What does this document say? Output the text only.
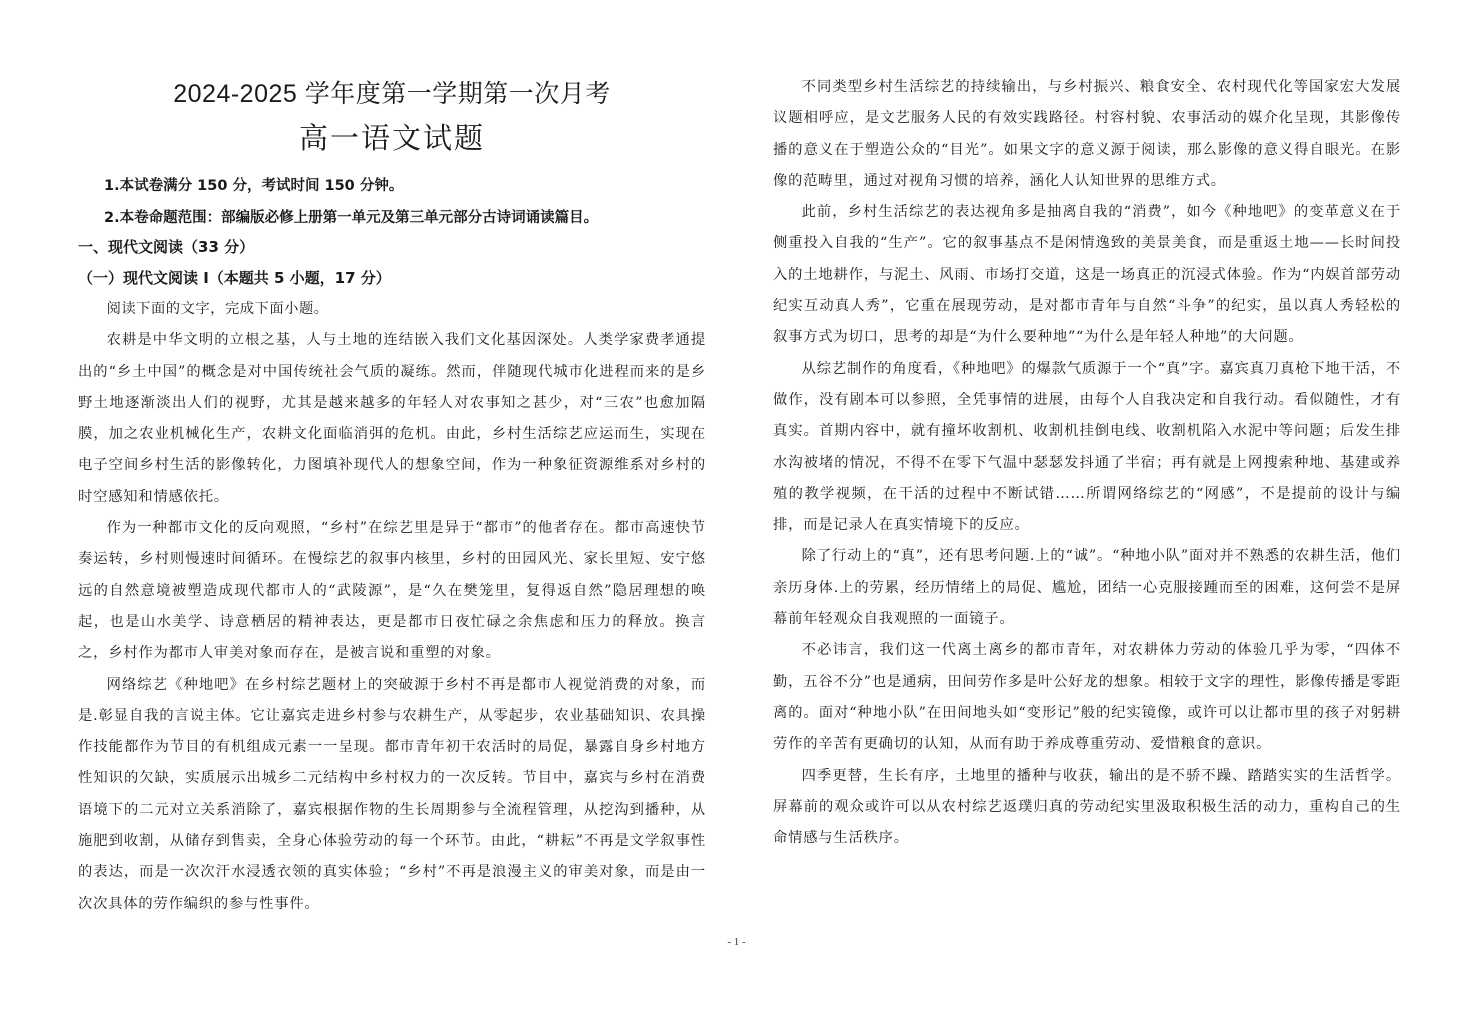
2024-2025 学年度第一学期第一次月考
高一语文试题
1.本试卷满分 150 分，考试时间 150 分钟。
2.本卷命题范围：部编版必修上册第一单元及第三单元部分古诗词诵读篇目。
一、现代文阅读（33 分）
（一）现代文阅读 I（本题共 5 小题，17 分）

阅读下面的文字，完成下面小题。

农耕是中华文明的立根之基，人与土地的连结嵌入我们文化基因深处。人类学家费孝通提出的“乡土中国”的概念是对中国传统社会气质的凝练。然而，伴随现代城市化进程而来的是乡野土地逐渐淡出人们的视野，尤其是越来越多的年轻人对农事知之甚少，对“三农”也愈加隔膜，加之农业机械化生产，农耕文化面临消弭的危机。由此，乡村生活综艺应运而生，实现在电子空间乡村生活的影像转化，力图填补现代人的想象空间，作为一种象征资源维系对乡村的时空感知和情感依托。

作为一种都市文化的反向观照，“乡村”在综艺里是异于“都市”的他者存在。都市高速快节奏运转，乡村则慢速时间循环。在慢综艺的叙事内核里，乡村的田园风光、家长里短、安宁悠远的自然意境被塑造成现代都市人的“武陵源”，是“久在樊笼里，复得返自然”隐居理想的唤起，也是山水美学、诗意栖居的精神表达，更是都市日夜忙碌之余焦虑和压力的释放。换言之，乡村作为都市人审美对象而存在，是被言说和重塑的对象。

网络综艺《种地吧》在乡村综艺题材上的突破源于乡村不再是都市人视觉消费的对象，而是.彰显自我的言说主体。它让嘉宾走进乡村参与农耕生产，从零起步，农业基础知识、农具操作技能都作为节目的有机组成元素一一呈现。都市青年初干农活时的局促，暴露自身乡村地方性知识的欠缺，实质展示出城乡二元结构中乡村权力的一次反转。节目中，嘉宾与乡村在消费语境下的二元对立关系消除了，嘉宾根据作物的生长周期参与全流程管理，从挖沟到播种，从施肥到收割，从储存到售卖，全身心体验劳动的每一个环节。由此，“耕耘”不再是文学叙事性的表达，而是一次次汗水浸透衣领的真实体验；“乡村”不再是浪漫主义的审美对象，而是由一次次具体的劳作编织的参与性事件。

不同类型乡村生活综艺的持续输出，与乡村振兴、粮食安全、农村现代化等国家宏大发展议题相呼应，是文艺服务人民的有效实践路径。村容村貌、农事活动的媒介化呈现，其影像传播的意义在于塑造公众的“目光”。如果文字的意义源于阅读，那么影像的意义得自眼光。在影像的范畴里，通过对视角习惯的培养，涵化人认知世界的思维方式。

此前，乡村生活综艺的表达视角多是抽离自我的“消费”，如今《种地吧》的变革意义在于侧重投入自我的“生产”。它的叙事基点不是闲情逸致的美景美食，而是重返土地——长时间投入的土地耕作，与泥土、风雨、市场打交道，这是一场真正的沉浸式体验。作为“内娱首部劳动纪实互动真人秀”，它重在展现劳动，是对都市青年与自然“斗争”的纪实，虽以真人秀轻松的叙事方式为切口，思考的却是“为什么要种地”“为什么是年轻人种地”的大问题。

从综艺制作的角度看，《种地吧》的爆款气质源于一个“真”字。嘉宾真刀真枪下地干活，不做作，没有剧本可以参照，全凭事情的进展，由每个人自我决定和自我行动。看似随性，才有真实。首期内容中，就有撞坏收割机、收割机挂倒电线、收割机陷入水泥中等问题；后发生排水沟被堵的情况，不得不在零下气温中瑟瑟发抖通了半宿；再有就是上网搜索种地、基建或养殖的教学视频，在干活的过程中不断试错……所谓网络综艺的“网感”，不是提前的设计与编排，而是记录人在真实情境下的反应。

除了行动上的“真”，还有思考问题.上的“诚”。“种地小队”面对并不熟悉的农耕生活，他们亲历身体.上的劳累，经历情绪上的局促、尴尬，团结一心克服接踵而至的困难，这何尝不是屏幕前年轻观众自我观照的一面镜子。

不必讳言，我们这一代离土离乡的都市青年，对农耕体力劳动的体验几乎为零，“四体不勤，五谷不分”也是通病，田间劳作多是叶公好龙的想象。相较于文字的理性，影像传播是零距离的。面对“种地小队”在田间地头如“变形记”般的纪实镜像，或许可以让都市里的孩子对躬耕劳作的辛苦有更确切的认知，从而有助于养成尊重劳动、爱惜粮食的意识。

四季更替，生长有序，土地里的播种与收获，输出的是不骄不躁、踏踏实实的生活哲学。屏幕前的观众或许可以从农村综艺返璞归真的劳动纪实里汲取积极生活的动力，重构自己的生命情感与生活秩序。

- 1 -
